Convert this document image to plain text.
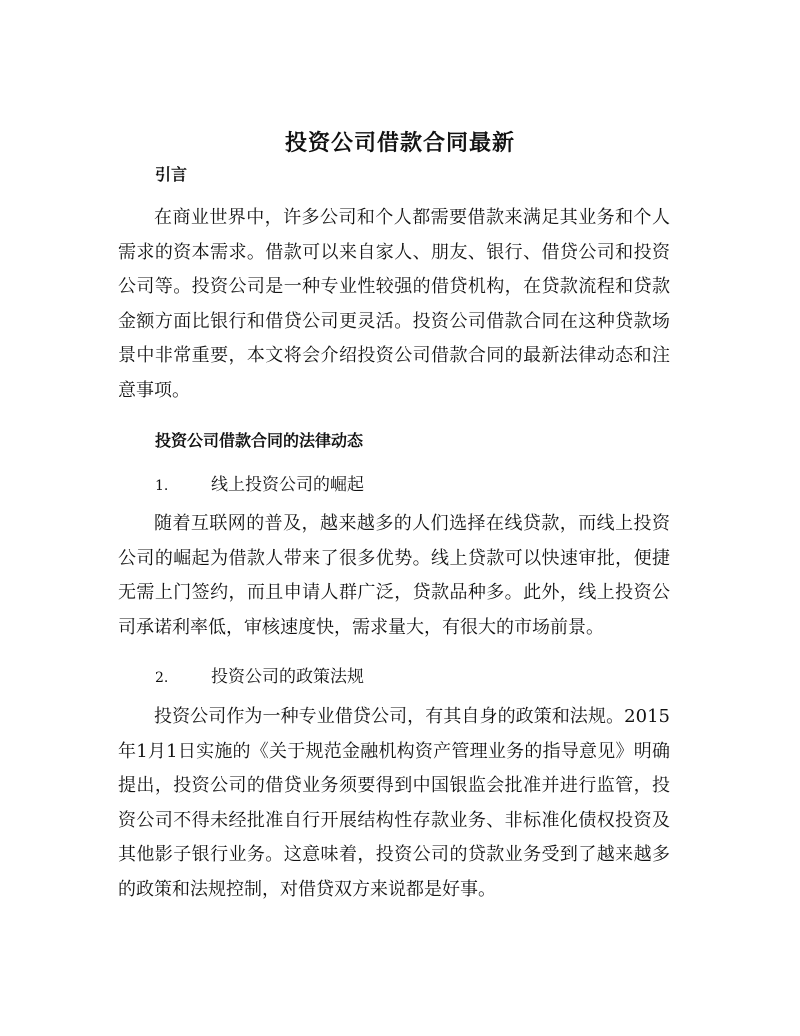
投资公司借款合同最新
引言

在商业世界中，许多公司和个人都需要借款来满足其业务和个人需求的资本需求。借款可以来自家人、朋友、银行、借贷公司和投资公司等。投资公司是一种专业性较强的借贷机构，在贷款流程和贷款金额方面比银行和借贷公司更灵活。投资公司借款合同在这种贷款场景中非常重要，本文将会介绍投资公司借款合同的最新法律动态和注意事项。

投资公司借款合同的法律动态
1.	线上投资公司的崛起

随着互联网的普及，越来越多的人们选择在线贷款，而线上投资公司的崛起为借款人带来了很多优势。线上贷款可以快速审批，便捷无需上门签约，而且申请人群广泛，贷款品种多。此外，线上投资公司承诺利率低，审核速度快，需求量大，有很大的市场前景。

2.	投资公司的政策法规

投资公司作为一种专业借贷公司，有其自身的政策和法规。2015年1月1日实施的《关于规范金融机构资产管理业务的指导意见》明确提出，投资公司的借贷业务须要得到中国银监会批准并进行监管，投资公司不得未经批准自行开展结构性存款业务、非标准化债权投资及其他影子银行业务。这意味着，投资公司的贷款业务受到了越来越多的政策和法规控制，对借贷双方来说都是好事。
